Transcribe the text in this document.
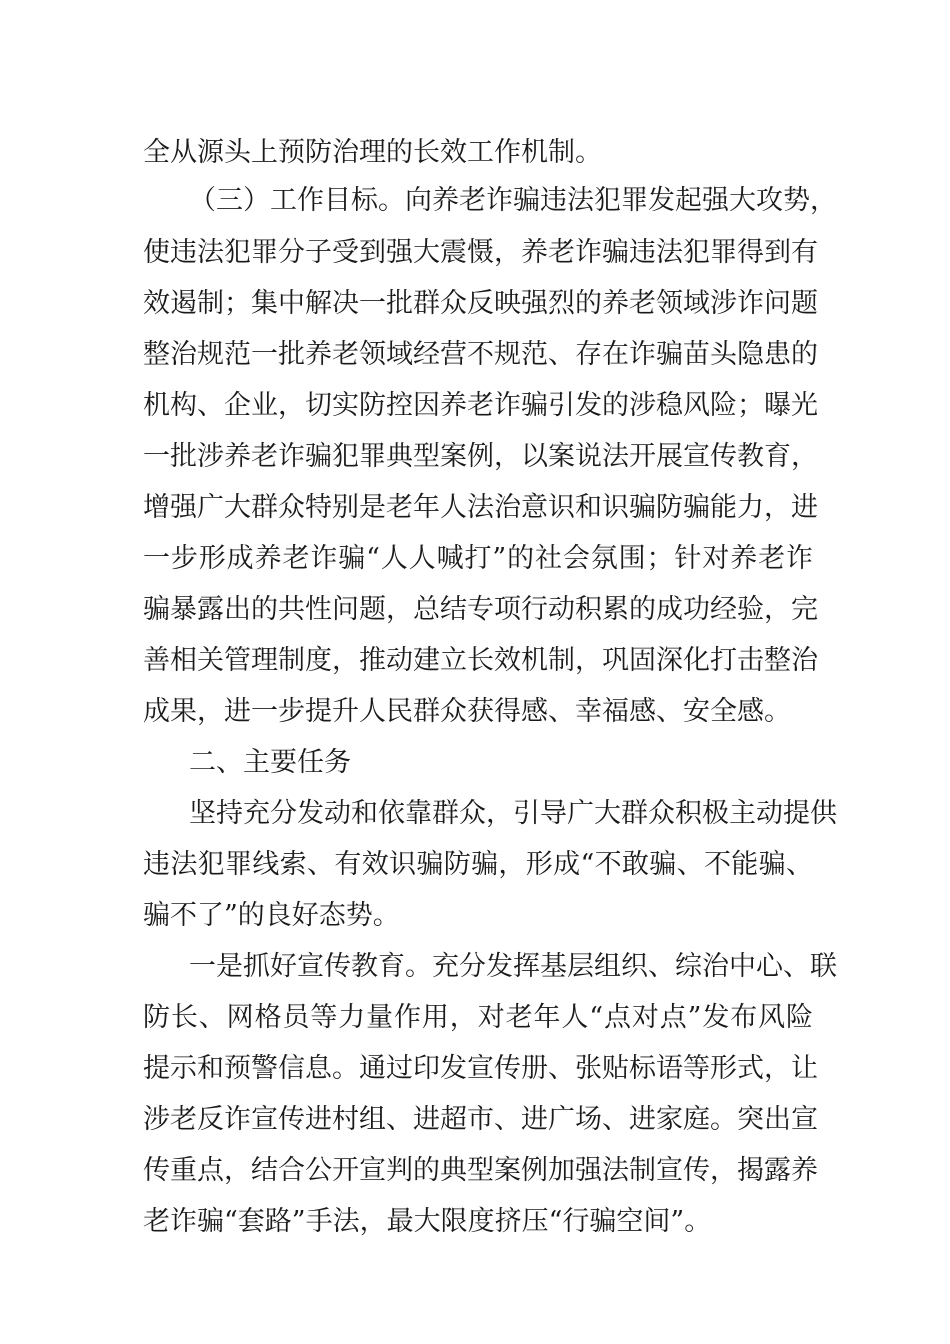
全从源头上预防治理的长效工作机制。
（三）工作目标。向养老诈骗违法犯罪发起强大攻势，
使违法犯罪分子受到强大震慑，养老诈骗违法犯罪得到有
效遏制；集中解决一批群众反映强烈的养老领域涉诈问题
整治规范一批养老领域经营不规范、存在诈骗苗头隐患的
机构、企业，切实防控因养老诈骗引发的涉稳风险；曝光
一批涉养老诈骗犯罪典型案例，以案说法开展宣传教育，
增强广大群众特别是老年人法治意识和识骗防骗能力，进
一步形成养老诈骗“人人喊打”的社会氛围；针对养老诈
骗暴露出的共性问题，总结专项行动积累的成功经验，完
善相关管理制度，推动建立长效机制，巩固深化打击整治
成果，进一步提升人民群众获得感、幸福感、安全感。
二、主要任务
坚持充分发动和依靠群众，引导广大群众积极主动提供
违法犯罪线索、有效识骗防骗，形成“不敢骗、不能骗、
骗不了”的良好态势。
一是抓好宣传教育。充分发挥基层组织、综治中心、联
防长、网格员等力量作用，对老年人“点对点”发布风险
提示和预警信息。通过印发宣传册、张贴标语等形式，让
涉老反诈宣传进村组、进超市、进广场、进家庭。突出宣
传重点，结合公开宣判的典型案例加强法制宣传，揭露养
老诈骗“套路”手法，最大限度挤压“行骗空间”。
